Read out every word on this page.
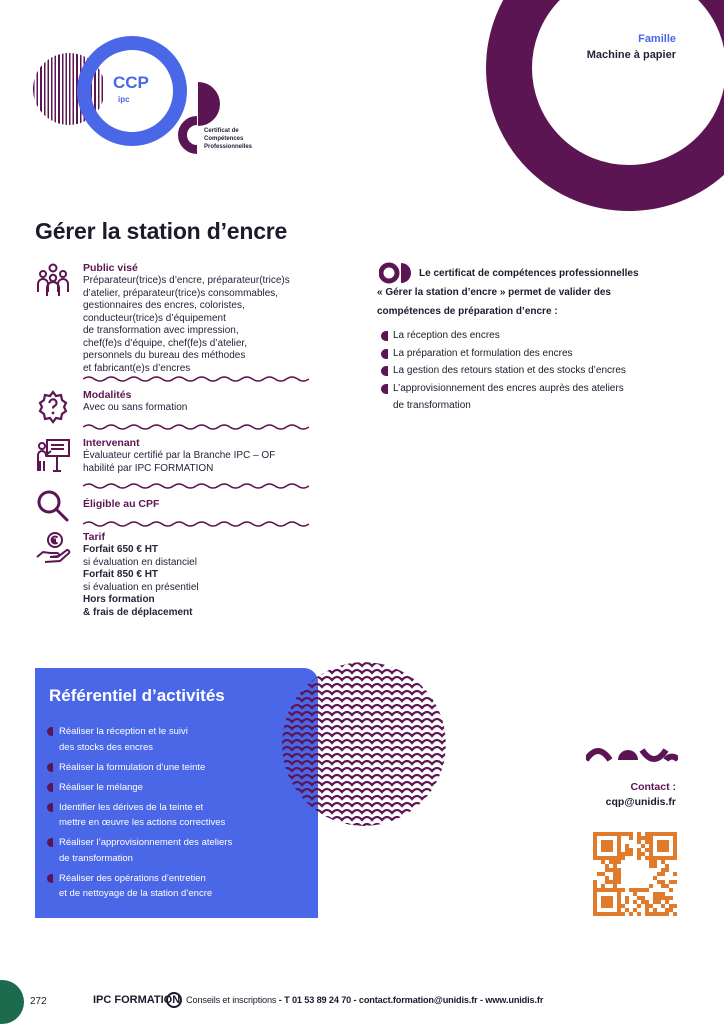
Famille
Machine à papier
CCP
ipc
Certificat de
Compétences
Professionnelles
Gérer la station d’encre
Public visé
Préparateur(trice)s d’encre, préparateur(trice)s
d’atelier, préparateur(trice)s consommables,
gestionnaires des encres, coloristes,
conducteur(trice)s d’équipement
de transformation avec impression,
chef(fe)s d’équipe, chef(fe)s d’atelier,
personnels du bureau des méthodes
et fabricant(e)s d’encres
Modalités
Avec ou sans formation
Intervenant
Évaluateur certifié par la Branche IPC – OF
habilité par IPC FORMATION
Éligible au CPF
Tarif
Forfait 650 € HT
si évaluation en distanciel
Forfait 850 € HT
si évaluation en présentiel
Hors formation
& frais de déplacement
Le certificat de compétences professionnelles
« Gérer la station d’encre » permet de valider des
compétences de préparation d’encre :
La réception des encres
La préparation et formulation des encres
La gestion des retours station et des stocks d’encres
L’approvisionnement des encres auprès des ateliers
de transformation
Référentiel d’activités
Réaliser la réception et le suivi
des stocks des encres
Réaliser la formulation d’une teinte
Réaliser le mélange
Identifier les dérives de la teinte et
mettre en œuvre les actions correctives
Réaliser l’approvisionnement des ateliers
de transformation
Réaliser des opérations d’entretien
et de nettoyage de la station d’encre
Contact :
cqp@unidis.fr
272	IPC FORMATION Conseils et inscriptions - T 01 53 89 24 70 - contact.formation@unidis.fr - www.unidis.fr
